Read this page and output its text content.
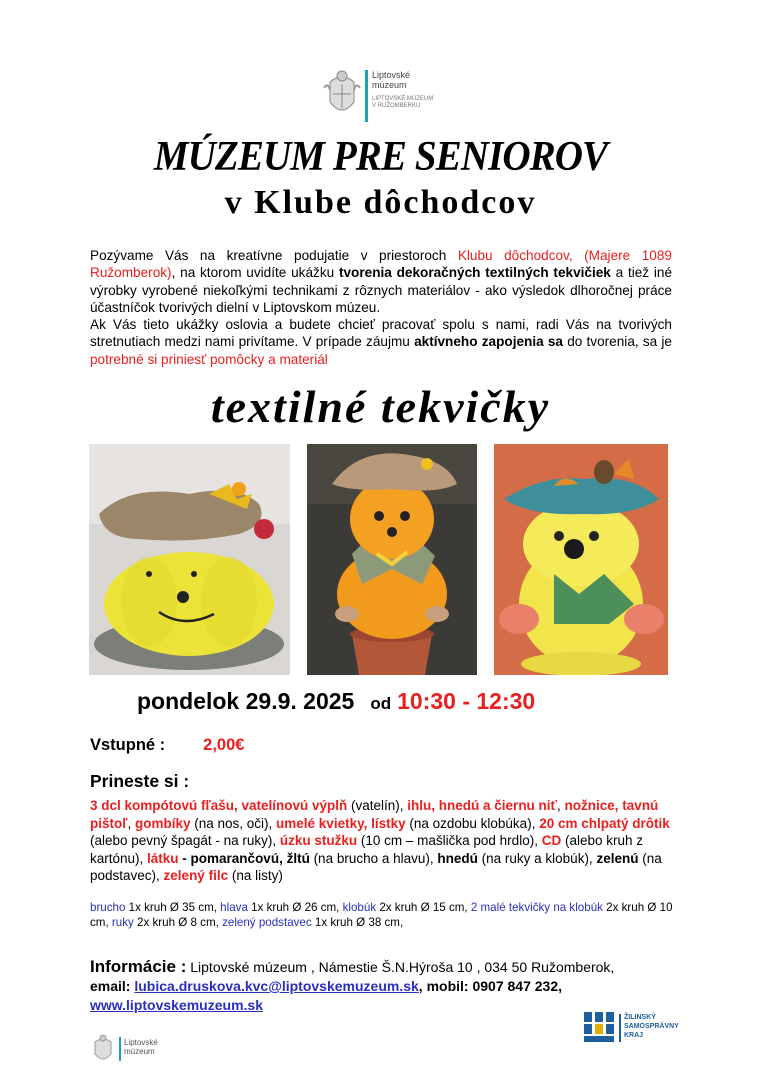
Liptovské
múzeum
LIPTOVSKÉ MÚZEUM
V RUŽOMBERKU
MÚZEUM PRE SENIOROV
v Klube dôchodcov

Pozývame Vás na kreatívne podujatie v priestoroch Klubu dôchodcov, (Majere 1089 Ružomberok), na ktorom uvidíte ukážku tvorenia dekoračných textilných tekvičiek a tiež iné výrobky vyrobené niekoľkými technikami z rôznych materiálov - ako výsledok dlhoročnej práce účastníčok tvorivých dielní v Liptovskom múzeu.

Ak Vás tieto ukážky oslovia a budete chcieť pracovať spolu s nami, radi Vás na tvorivých stretnutiach medzi nami privítame. V prípade záujmu aktívneho zapojenia sa do tvorenia, sa je potrebné si priniesť pomôcky a materiál

textilné tekvičky
pondelok 29.9. 2025 od 10:30 - 12:30
Vstupné : 2,00€
Prineste si :
3 dcl kompótovú fľašu, vatelínovú výplň (vatelín), ihlu, hnedú a čiernu niť, nožnice, tavnú pištoľ, gombíky (na nos, oči), umelé kvietky, lístky (na ozdobu klobúka), 20 cm chlpatý drôtik (alebo pevný špagát - na ruky), úzku stužku (10 cm – mašlička pod hrdlo), CD (alebo kruh z kartónu), látku - pomarančovú, žltú (na brucho a hlavu), hnedú (na ruky a klobúk), zelenú (na podstavec), zelený filc (na listy)
brucho 1x kruh Ø 35 cm, hlava 1x kruh Ø 26 cm, klobúk 2x kruh Ø 15 cm, 2 malé tekvičky na klobúk 2x kruh Ø 10 cm, ruky 2x kruh Ø 8 cm, zelený podstavec 1x kruh Ø 38 cm,
Informácie : Liptovské múzeum , Námestie Š.N.Hýroša 10 , 034 50 Ružomberok,
email: lubica.druskova.kvc@liptovskemuzeum.sk, mobil: 0907 847 232,
www.liptovskemuzeum.sk
Liptovské
múzeum
ŽILINSKÝ
SAMOSPRÁVNY
KRAJ
